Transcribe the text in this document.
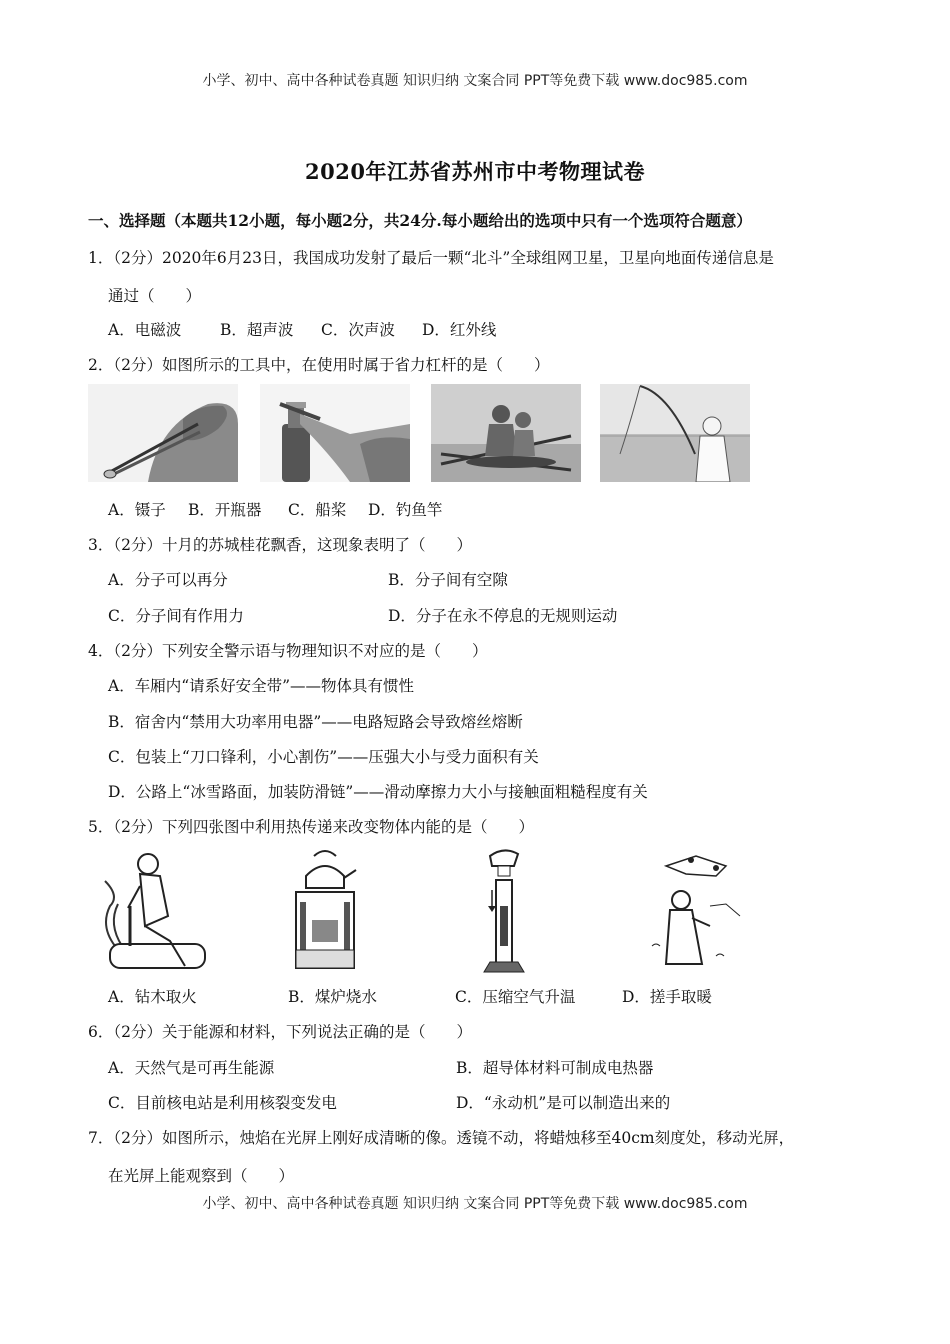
小学、初中、高中各种试卷真题 知识归纳 文案合同 PPT等免费下载 www.doc985.com
2020年江苏省苏州市中考物理试卷
一、选择题（本题共12小题，每小题2分，共24分.每小题给出的选项中只有一个选项符合题意）
1．（2分）2020年6月23日，我国成功发射了最后一颗“北斗”全球组网卫星，卫星向地面传递信息是
通过（　　）
A．电磁波	B．超声波 C．次声波 D．红外线
2．（2分）如图所示的工具中，在使用时属于省力杠杆的是（　　）
A．镊子 B．开瓶器 C．船桨 D．钓鱼竿
3．（2分）十月的苏城桂花飘香，这现象表明了（　　）
A．分子可以再分	B．分子间有空隙
C．分子间有作用力	D．分子在永不停息的无规则运动
4．（2分）下列安全警示语与物理知识不对应的是（　　）
A．车厢内“请系好安全带”——物体具有惯性
B．宿舍内“禁用大功率用电器”——电路短路会导致熔丝熔断
C．包装上“刀口锋利，小心割伤”——压强大小与受力面积有关
D．公路上“冰雪路面，加装防滑链”——滑动摩擦力大小与接触面粗糙程度有关
5．（2分）下列四张图中利用热传递来改变物体内能的是（　　）
A．钻木取火	B．煤炉烧水	C．压缩空气升温	D．搓手取暖
6．（2分）关于能源和材料，下列说法正确的是（　　）
A．天然气是可再生能源	B．超导体材料可制成电热器
C．目前核电站是利用核裂变发电	D．“永动机”是可以制造出来的
7．（2分）如图所示，烛焰在光屏上刚好成清晰的像。透镜不动，将蜡烛移至40cm刻度处，移动光屏，
在光屏上能观察到（　　）
小学、初中、高中各种试卷真题 知识归纳 文案合同 PPT等免费下载 www.doc985.com
